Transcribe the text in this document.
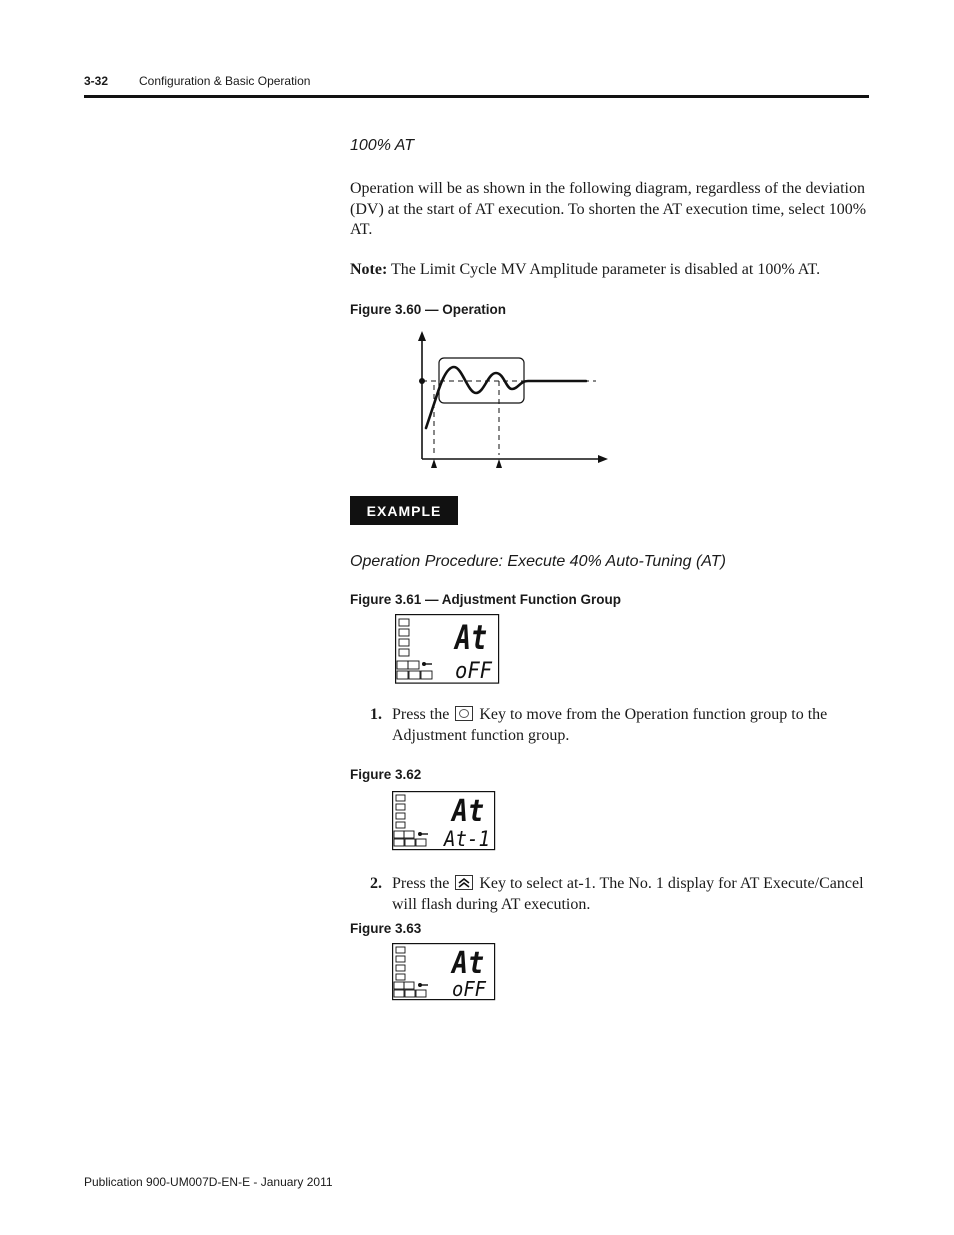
3-32	Configuration & Basic Operation
100% AT
Operation will be as shown in the following diagram, regardless of the deviation (DV) at the start of AT execution. To shorten the AT execution time, select 100% AT.
Note: The Limit Cycle MV Amplitude parameter is disabled at 100% AT.
Figure 3.60 — Operation
EXAMPLE
Operation Procedure: Execute 40% Auto-Tuning (AT)
Figure 3.61 — Adjustment Function Group
At
oFF
1. Press the Key to move from the Operation function group to the Adjustment function group.
Figure 3.62
At
At-1
2. Press the Key to select at-1. The No. 1 display for AT Execute/Cancel will flash during AT execution.
Figure 3.63
At
oFF
Publication 900-UM007D-EN-E - January 2011
